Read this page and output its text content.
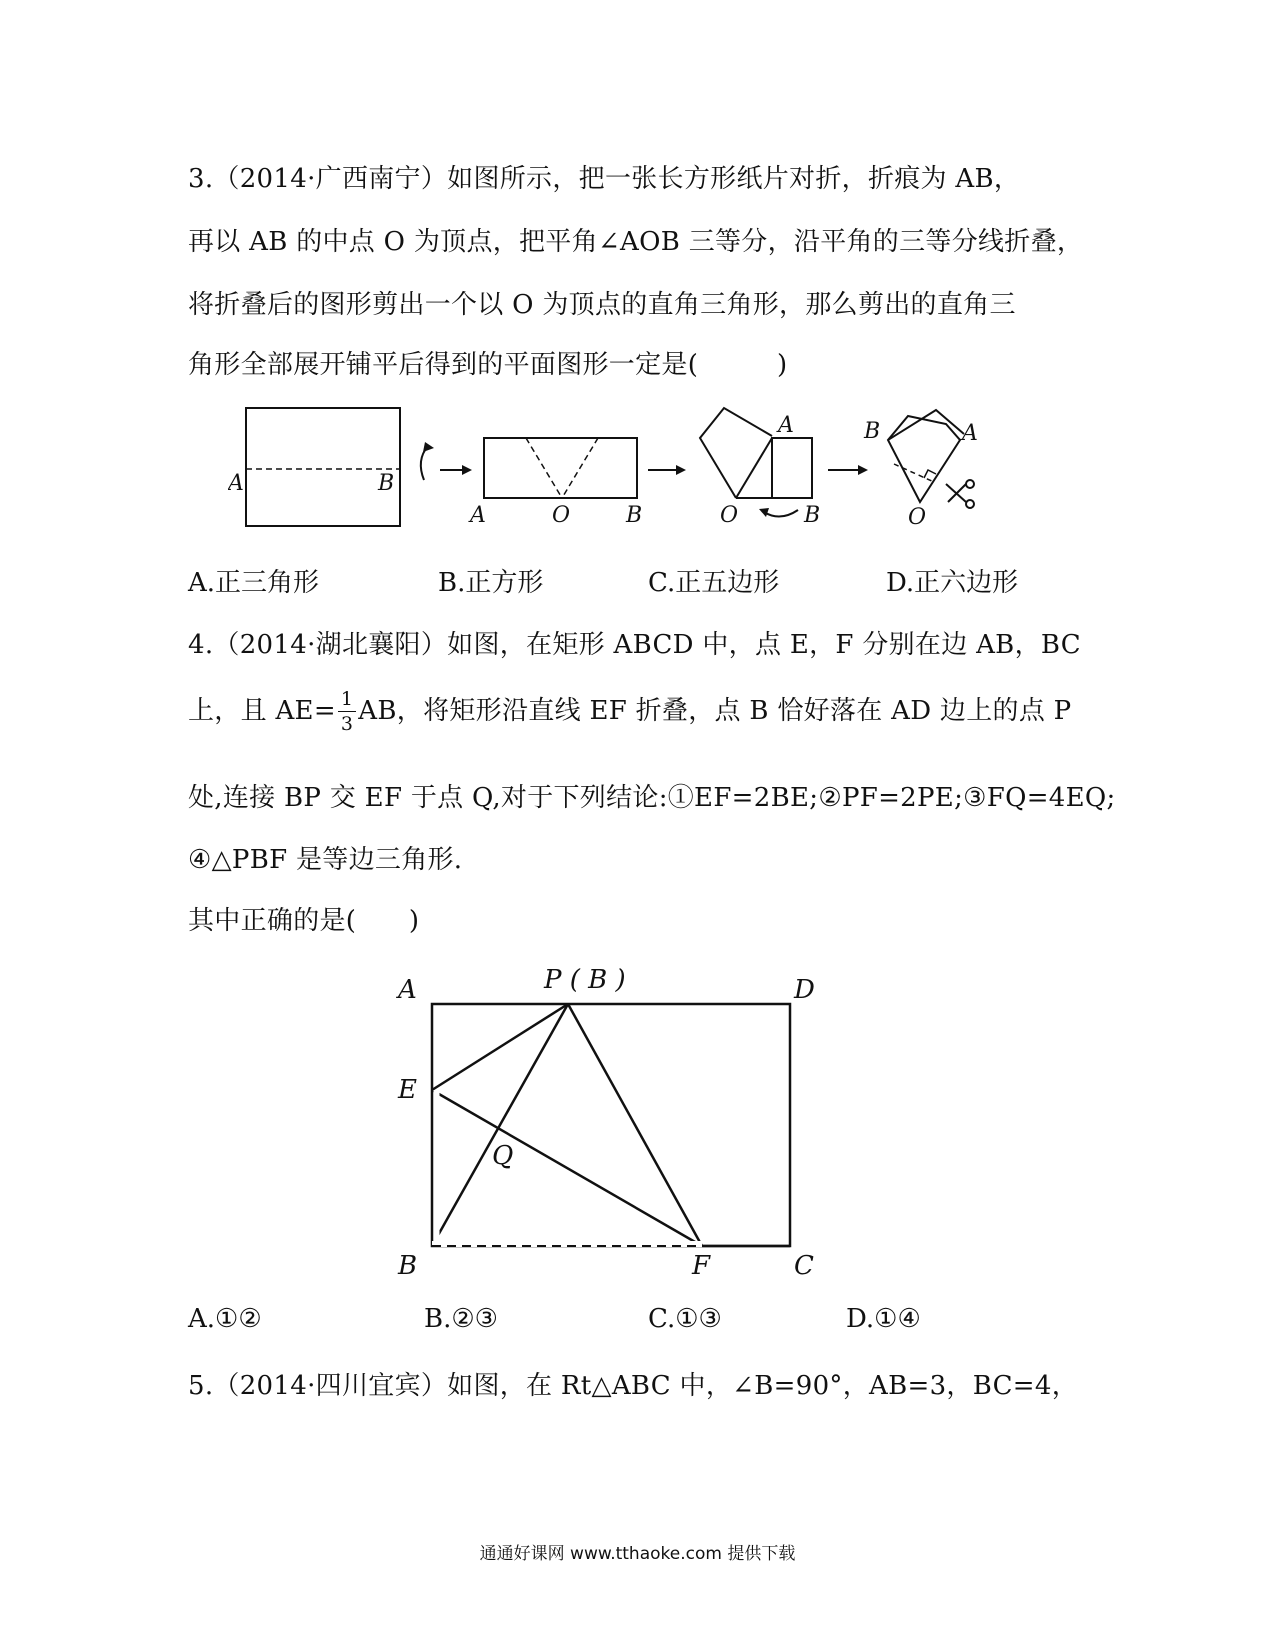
3.（2014·广西南宁）如图所示，把一张长方形纸片对折，折痕为 AB，
再以 AB 的中点 O 为顶点，把平角∠AOB 三等分，沿平角的三等分线折叠，
将折叠后的图形剪出一个以 O 为顶点的直角三角形，那么剪出的直角三
角形全部展开铺平后得到的平面图形一定是(　　　)
A	B
A	O	B
A
O	B
B	A
O
A.正三角形	B.正方形	C.正五边形	D.正六边形
4.（2014·湖北襄阳）如图，在矩形 ABCD 中，点 E，F 分别在边 AB，BC
上，且 $AE= \frac{1}{3}$ AB，将矩形沿直线 EF 折叠，点 B 恰好落在 AD 边上的点 P
处,连接 BP 交 EF 于点 Q,对于下列结论:①EF=2BE;②PF=2PE;③FQ=4EQ;
④△PBF 是等边三角形.
其中正确的是(　　)
A	P ( B )	D
E
Q
B	F	C
A.①②	B.②③	C.①③	D.①④
5.（2014·四川宜宾）如图，在 Rt△ABC 中，∠B=90°，AB=3，BC=4，
通通好课网 www.tthaoke.com 提供下载
